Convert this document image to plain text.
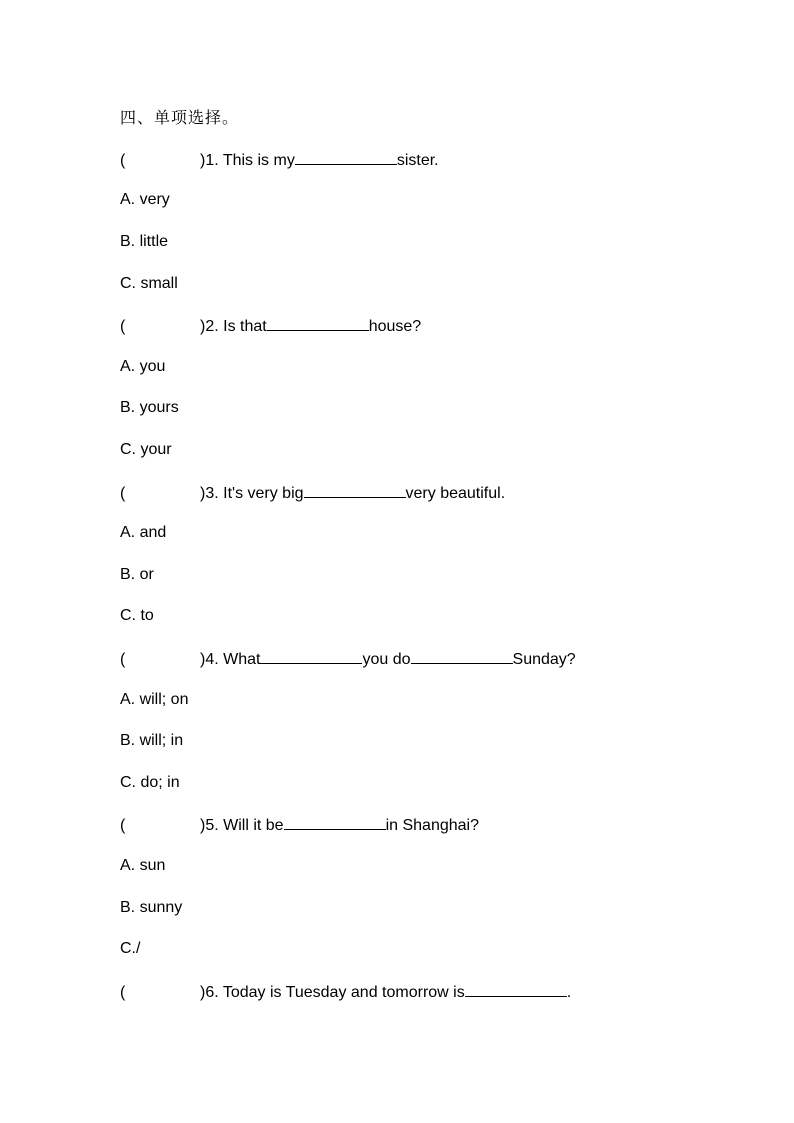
四、单项选择。
(	)1. This is my	sister.
A. very
B. little
C. small
(	)2. Is that	house?
A. you
B. yours
C. your
(	)3. It's very big	very beautiful.
A. and
B. or
C. to
(	)4. What	you do	Sunday?
A. will; on
B. will; in
C. do; in
(	)5. Will it be	in Shanghai?
A. sun
B. sunny
C./
(	)6. Today is Tuesday and tomorrow is	.
